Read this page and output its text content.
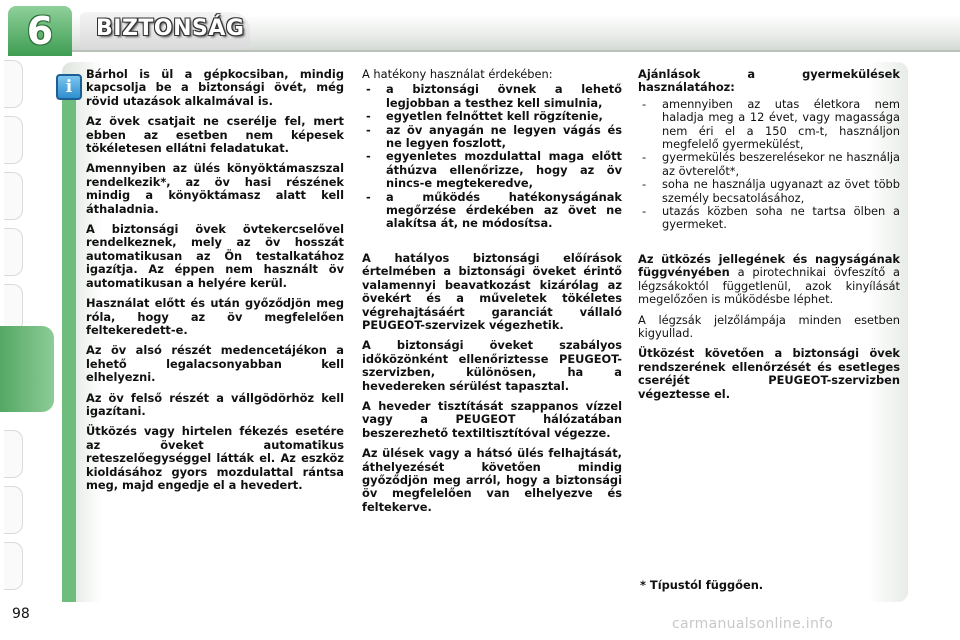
6	BIZTONSÁG
i

Bárhol is ül a gépkocsiban, mindig kapcsolja be a biztonsági övét, még rövid utazások alkalmával is.

Az övek csatjait ne cserélje fel, mert ebben az esetben nem képesek tökéletesen ellátni feladatukat.

Amennyiben az ülés könyöktámaszszal rendelkezik*, az öv hasi részének mindig a könyöktámasz alatt kell áthaladnia.

A biztonsági övek övtekercselővel rendelkeznek, mely az öv hosszát automatikusan az Ön testalkatához igazítja. Az éppen nem használt öv automatikusan a helyére kerül.

Használat előtt és után győződjön meg róla, hogy az öv megfelelően feltekeredett-e.

Az öv alsó részét medencetájékon a lehető legalacsonyabban kell elhelyezni.

Az öv felső részét a vállgödörhöz kell igazítani.

Ütközés vagy hirtelen fékezés esetére az öveket automatikus reteszelőegységgel látták el. Az eszköz kioldásához gyors mozdulattal rántsa meg, majd engedje el a hevedert.

A hatékony használat érdekében:

- a biztonsági övnek a lehető legjobban a testhez kell simulnia,
- egyetlen felnőttet kell rögzítenie,
- az öv anyagán ne legyen vágás és ne legyen foszlott,
- egyenletes mozdulattal maga előtt áthúzva ellenőrizze, hogy az öv nincs-e megtekeredve,
- a működés hatékonyságának megőrzése érdekében az övet ne alakítsa át, ne módosítsa.

A hatályos biztonsági előírások értelmében a biztonsági öveket érintő valamennyi beavatkozást kizárólag az övekért és a műveletek tökéletes végrehajtásáért garanciát vállaló PEUGEOT-szervizek végezhetik.

A biztonsági öveket szabályos időközönként ellenőriztesse PEUGEOT-szervizben, különösen, ha a hevedereken sérülést tapasztal.

A heveder tisztítását szappanos vízzel vagy a PEUGEOT hálózatában beszerezhető textiltisztítóval végezze.

Az ülések vagy a hátsó ülés felhajtását, áthelyezését követően mindig győződjön meg arról, hogy a biztonsági öv megfelelően van elhelyezve és feltekerve.

Ajánlások a gyermekülések használatához:

- amennyiben az utas életkora nem haladja meg a 12 évet, vagy magassága nem éri el a 150 cm-t, használjon megfelelő gyermekülést,
- gyermekülés beszerelésekor ne használja az övterelőt*,
- soha ne használja ugyanazt az övet több személy becsatolásához,
- utazás közben soha ne tartsa ölben a gyermeket.

Az ütközés jellegének és nagyságának függvényében a pirotechnikai övfeszítő a légzsákoktól függetlenül, azok kinyílását megelőzően is működésbe léphet.

A légzsák jelzőlámpája minden esetben kigyullad.

Ütközést követően a biztonsági övek rendszerének ellenőrzését és esetleges cseréjét PEUGEOT-szervizben végeztesse el.

* Típustól függően.
98
carmanualsonline.info
